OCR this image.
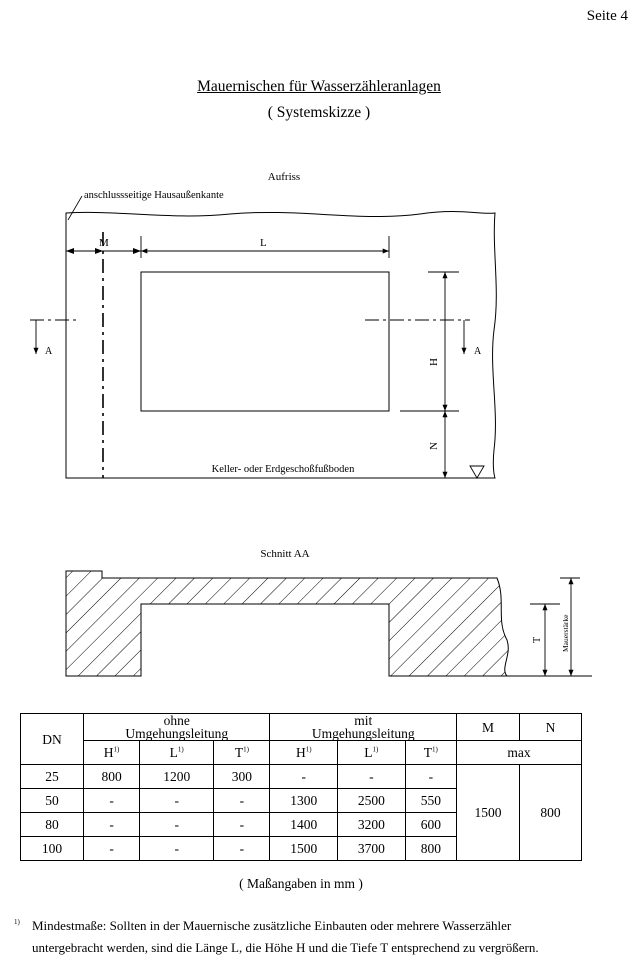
Seite 4
Mauernischen für Wasserzähleranlagen
( Systemskizze )
Aufriss
anschlussseitige Hausaußenkante
M	L
A	A
H
N
Keller- oder Erdgeschoßfußboden
Schnitt AA
T Mauerstärke
DN	ohne
Umgehungsleitung			mit
Umgehungsleitung			M	N
	$H^{1)}$	$L^{1)}$	$T^{1)}$	$H^{1)}$	$L^{1)}$	$T^{1)}$	max	
25	800	1200	300	-	-	-	1500	800
50	-	-	-	1300	2500	550		
80	-	-	-	1400	3200	600		
100	-	-	-	1500	3700	800		
( Maßangaben in mm )
1) Mindestmaße: Sollten in der Mauernische zusätzliche Einbauten oder mehrere Wasserzähler
untergebracht werden, sind die Länge L, die Höhe H und die Tiefe T entsprechend zu vergrößern.
